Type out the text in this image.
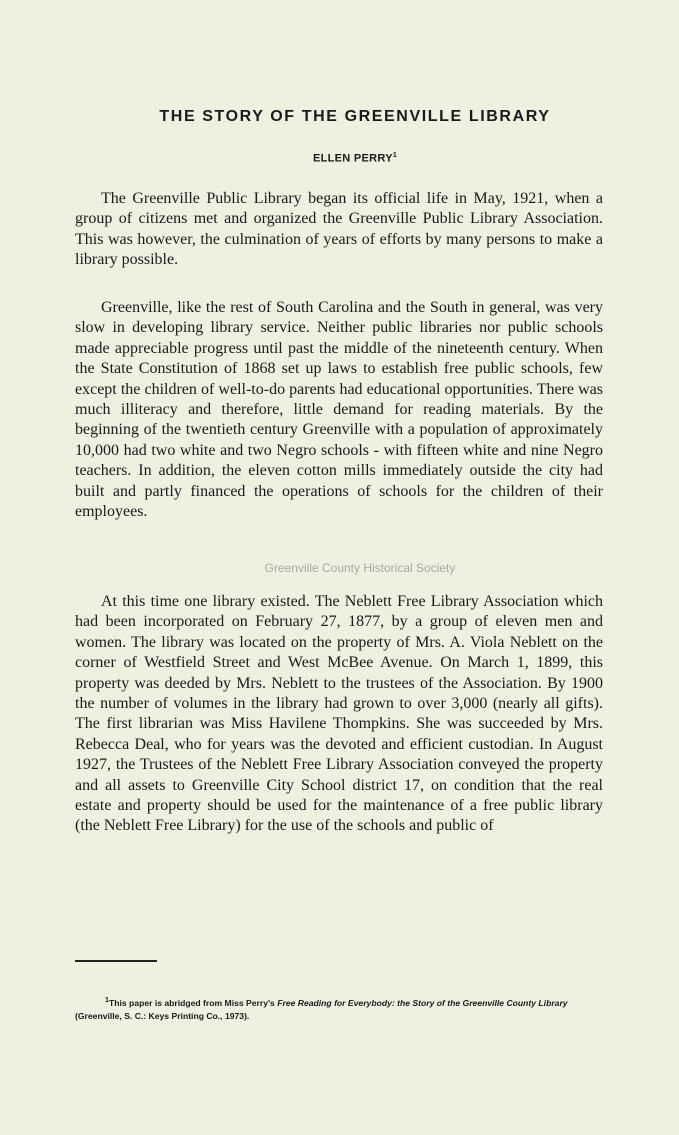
THE STORY OF THE GREENVILLE LIBRARY
ELLEN PERRY$^1$

The Greenville Public Library began its official life in May, 1921, when a group of citizens met and organized the Greenville Public Library Association. This was however, the culmination of years of efforts by many persons to make a library possible.

Greenville, like the rest of South Carolina and the South in general, was very slow in developing library service. Neither public libraries nor public schools made appreciable progress until past the middle of the nineteenth century. When the State Constitution of 1868 set up laws to establish free public schools, few except the children of well-to-do parents had educational opportunities. There was much illiteracy and therefore, little demand for reading materials. By the beginning of the twentieth century Greenville with a population of approximately 10,000 had two white and two Negro schools - with fifteen white and nine Negro teachers. In addition, the eleven cotton mills immediately outside the city had built and partly financed the operations of schools for the children of their employees.

Greenville County Historical Society

At this time one library existed. The Neblett Free Library Association which had been incorporated on February 27, 1877, by a group of eleven men and women. The library was located on the property of Mrs. A. Viola Neblett on the corner of Westfield Street and West McBee Avenue. On March 1, 1899, this property was deeded by Mrs. Neblett to the trustees of the Association. By 1900 the number of volumes in the library had grown to over 3,000 (nearly all gifts). The first librarian was Miss Havilene Thompkins. She was succeeded by Mrs. Rebecca Deal, who for years was the devoted and efficient custodian. In August 1927, the Trustees of the Neblett Free Library Association conveyed the property and all assets to Greenville City School district 17, on condition that the real estate and property should be used for the maintenance of a free public library (the Neblett Free Library) for the use of the schools and public of

$^1$This paper is abridged from Miss Perry's Free Reading for Everybody: the Story of the Greenville County Library (Greenville, S. C.: Keys Printing Co., 1973).
